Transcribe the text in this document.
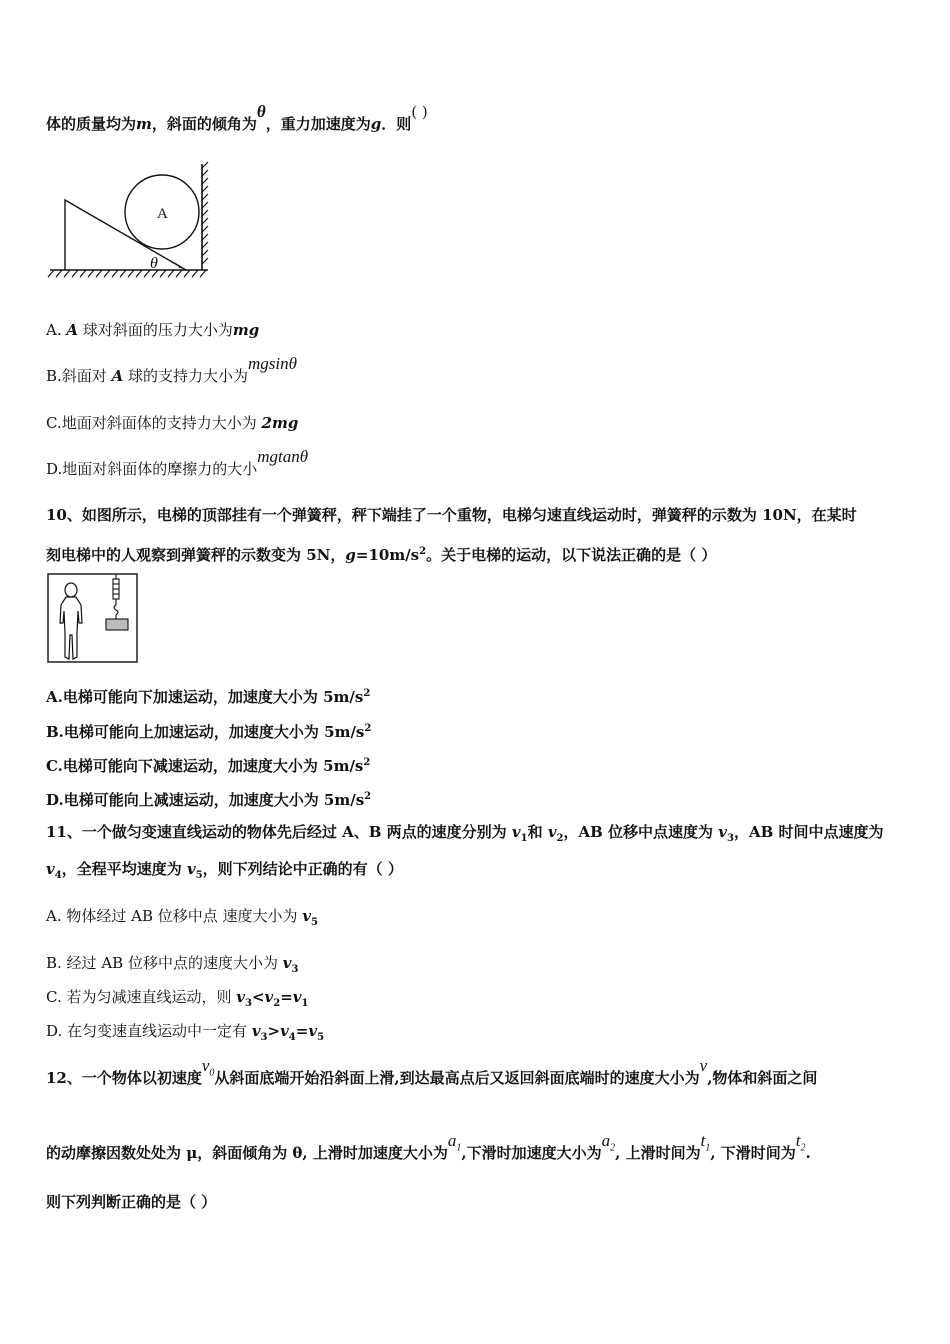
体的质量均为m，斜面的倾角为θ，重力加速度为g．则( )
A
θ
A. A 球对斜面的压力大小为mg
B.斜面对 A 球的支持力大小为mgsinθ
C.地面对斜面体的支持力大小为 2mg
D.地面对斜面体的摩擦力的大小mgtanθ
10、如图所示，电梯的顶部挂有一个弹簧秤，秤下端挂了一个重物，电梯匀速直线运动时，弹簧秤的示数为 10N，在某时
刻电梯中的人观察到弹簧秤的示数变为 5N，$g=10m/s^2$。关于电梯的运动，以下说法正确的是（ ）
A.电梯可能向下加速运动，加速度大小为 $5m/s^2$
B.电梯可能向上加速运动，加速度大小为 $5m/s^2$
C.电梯可能向下减速运动，加速度大小为 $5m/s^2$
D.电梯可能向上减速运动，加速度大小为 $5m/s^2$
11、一个做匀变速直线运动的物体先后经过 A、B 两点的速度分别为 $v_1$和 $v_2$，AB 位移中点速度为 $v_3$，AB 时间中点速度为
$v_4$，全程平均速度为 $v_5$，则下列结论中正确的有（ ）
A. 物体经过 AB 位移中点 速度大小为 $v_5$
B. 经过 AB 位移中点的速度大小为 $v_3$
C. 若为匀减速直线运动，则 $v_3<v_2=v_1$
D. 在匀变速直线运动中一定有 $v_3>v_4=v_5$
12、一个物体以初速度$v_0$从斜面底端开始沿斜面上滑,到达最高点后又返回斜面底端时的速度大小为v,物体和斜面之间
的动摩擦因数处处为 μ，斜面倾角为 θ, 上滑时加速度大小为$a_1$,下滑时加速度大小为$a_2$, 上滑时间为$t_1$, 下滑时间为$t_2$.
则下列判断正确的是（ ）
